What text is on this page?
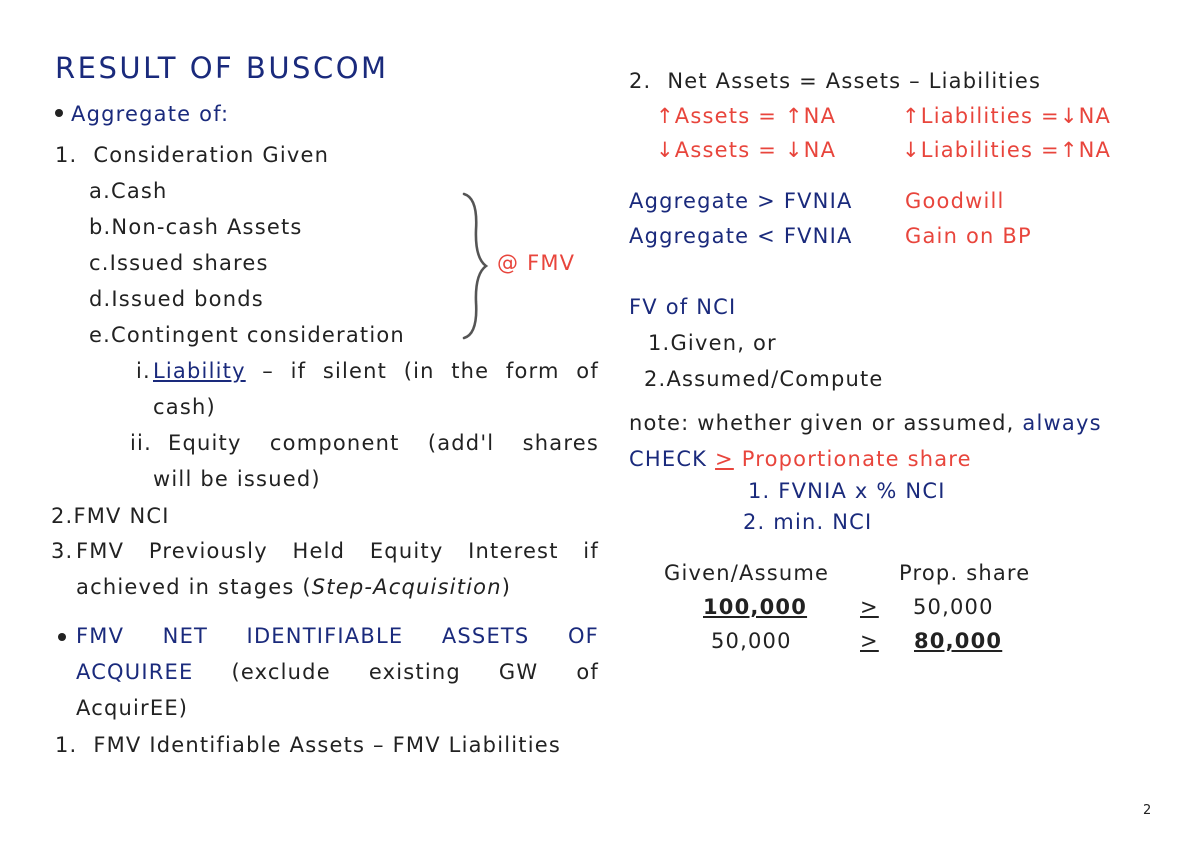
RESULT OF BUSCOM
Aggregate of:
1. Consideration Given
a.Cash
b.Non-cash Assets
c.Issued shares
d.Issued bonds
e.Contingent consideration
@ FMV
i. Liability – if silent (in the form of
cash)
ii. Equity component (add'l shares
will be issued)
2.FMV NCI
3. FMV Previously Held Equity Interest if
achieved in stages (Step-Acquisition)
FMV NET IDENTIFIABLE ASSETS OF
ACQUIREE (exclude existing GW of
AcquirEE)
1. FMV Identifiable Assets – FMV Liabilities
2. Net Assets = Assets – Liabilities
↑Assets = ↑NA	↑Liabilities =↓NA
↓Assets = ↓NA	↓Liabilities =↑NA
Aggregate > FVNIA Goodwill
Aggregate < FVNIA Gain on BP
FV of NCI
1.Given, or
2.Assumed/Compute
note: whether given or assumed, always
CHECK > Proportionate share
1. FVNIA x % NCI
2. min. NCI
Given/Assume	Prop. share
100,000	> 50,000
50,000	> 80,000
2
